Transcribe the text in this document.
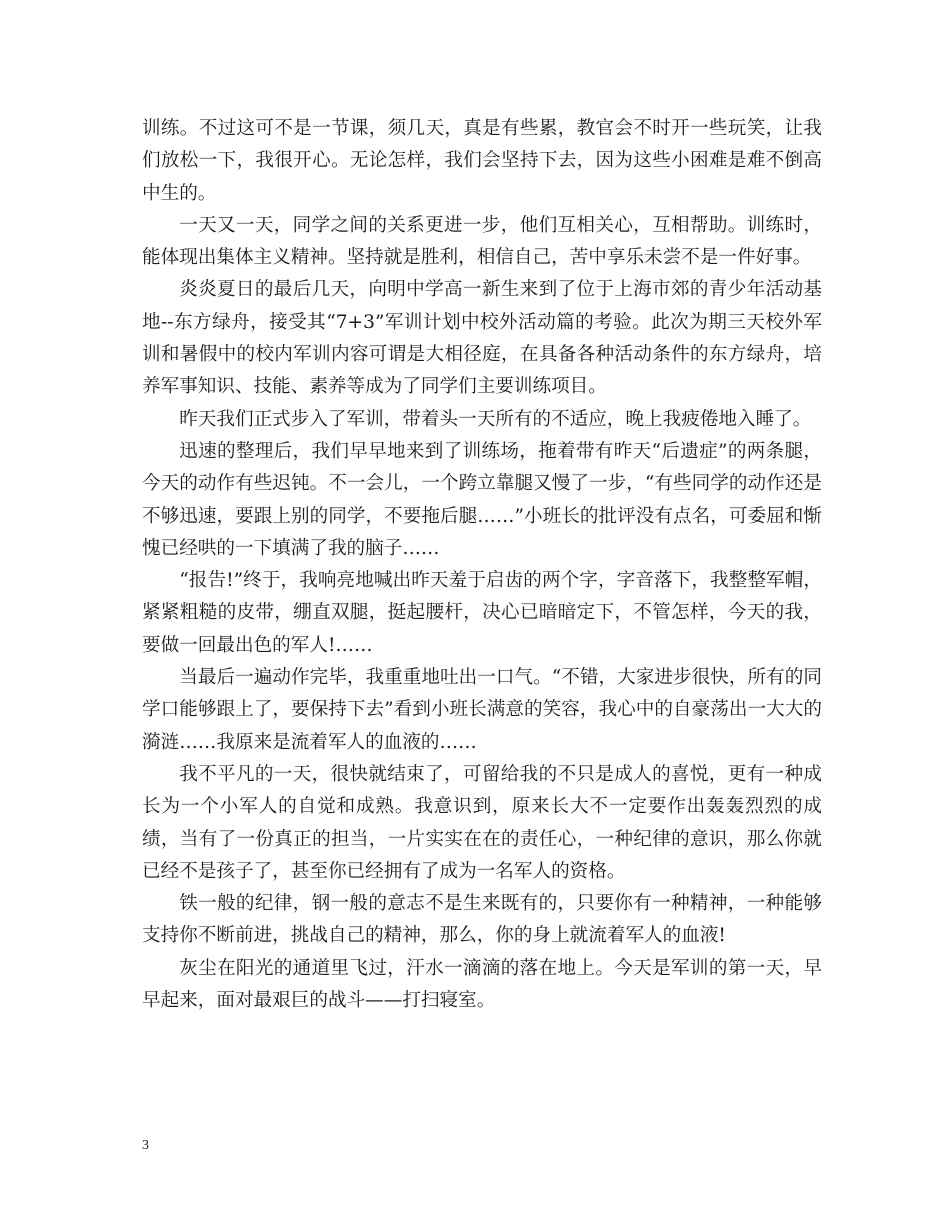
训练。不过这可不是一节课，须几天，真是有些累，教官会不时开一些玩笑，让我们放松一下，我很开心。无论怎样，我们会坚持下去，因为这些小困难是难不倒高中生的。

一天又一天，同学之间的关系更进一步，他们互相关心，互相帮助。训练时，能体现出集体主义精神。坚持就是胜利，相信自己，苦中享乐未尝不是一件好事。

炎炎夏日的最后几天，向明中学高一新生来到了位于上海市郊的青少年活动基地--东方绿舟，接受其“7+3”军训计划中校外活动篇的考验。此次为期三天校外军训和暑假中的校内军训内容可谓是大相径庭，在具备各种活动条件的东方绿舟，培养军事知识、技能、素养等成为了同学们主要训练项目。

昨天我们正式步入了军训，带着头一天所有的不适应，晚上我疲倦地入睡了。

迅速的整理后，我们早早地来到了训练场，拖着带有昨天“后遗症”的两条腿，今天的动作有些迟钝。不一会儿，一个跨立靠腿又慢了一步，“有些同学的动作还是不够迅速，要跟上别的同学，不要拖后腿……”小班长的批评没有点名，可委屈和惭愧已经哄的一下填满了我的脑子……

“报告!”终于，我响亮地喊出昨天羞于启齿的两个字，字音落下，我整整军帽，紧紧粗糙的皮带，绷直双腿，挺起腰杆，决心已暗暗定下，不管怎样，今天的我，要做一回最出色的军人!……

当最后一遍动作完毕，我重重地吐出一口气。“不错，大家进步很快，所有的同学口能够跟上了，要保持下去”看到小班长满意的笑容，我心中的自豪荡出一大大的漪涟……我原来是流着军人的血液的……

我不平凡的一天，很快就结束了，可留给我的不只是成人的喜悦，更有一种成长为一个小军人的自觉和成熟。我意识到，原来长大不一定要作出轰轰烈烈的成绩，当有了一份真正的担当，一片实实在在的责任心，一种纪律的意识，那么你就已经不是孩子了，甚至你已经拥有了成为一名军人的资格。

铁一般的纪律，钢一般的意志不是生来既有的，只要你有一种精神，一种能够支持你不断前进，挑战自己的精神，那么，你的身上就流着军人的血液!

灰尘在阳光的通道里飞过，汗水一滴滴的落在地上。今天是军训的第一天，早早起来，面对最艰巨的战斗——打扫寝室。

3
